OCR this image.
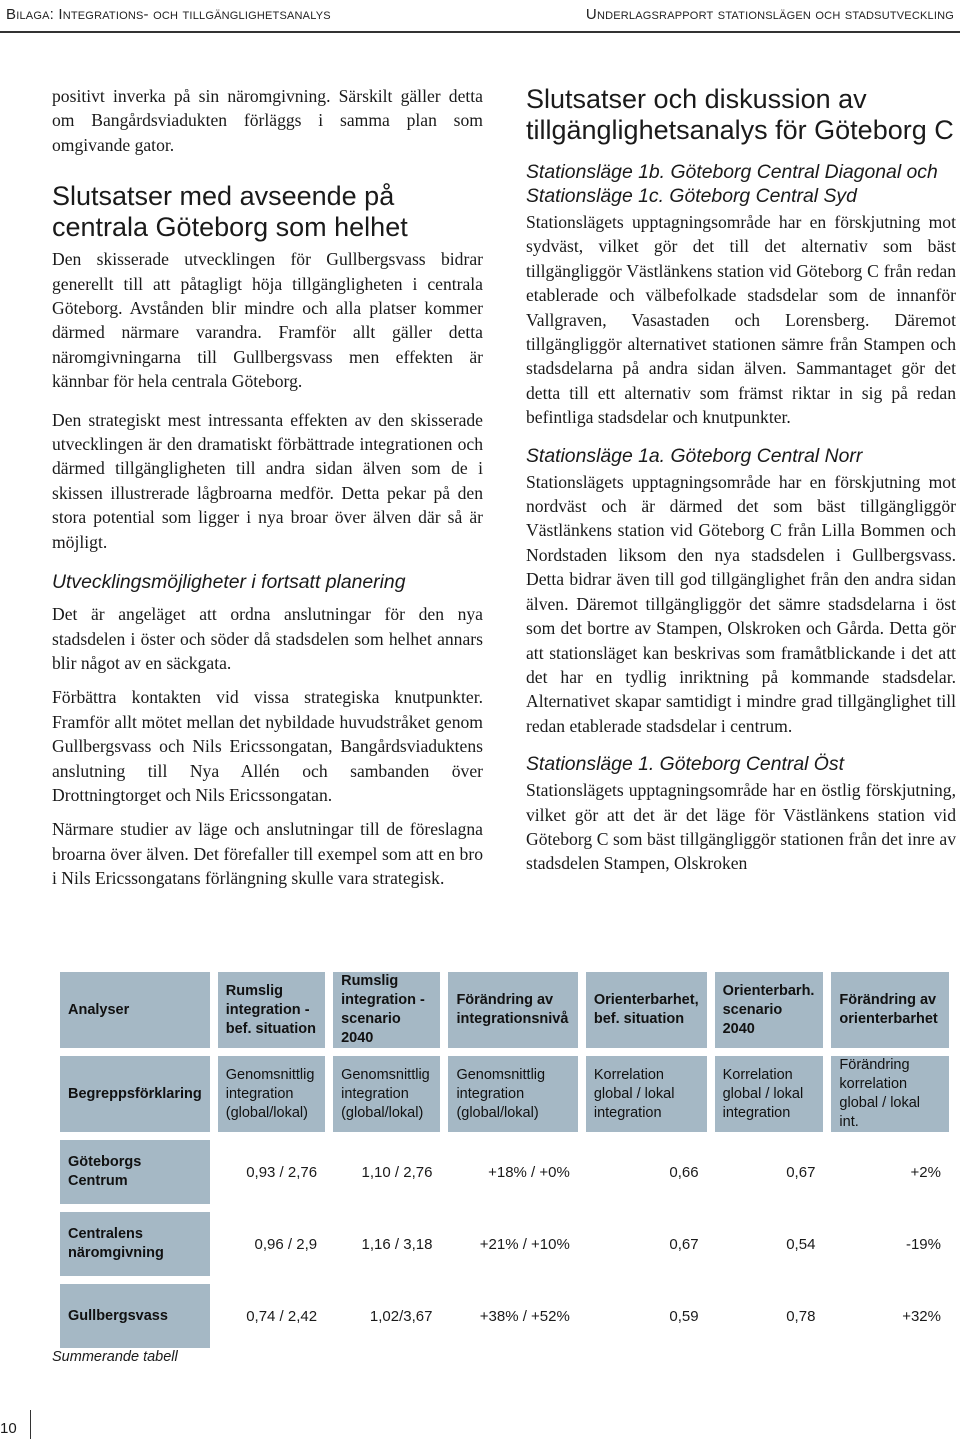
Bilaga: Integrations- och tillgänglighetsanalys	Underlagsrapport stationslägen och stadsutveckling

positivt inverka på sin näromgivning. Särskilt gäller detta om Bangårdsviadukten förläggs i samma plan som omgivande gator.

Slutsatser med avseende på centrala Göteborg som helhet

Den skisserade utvecklingen för Gullbergsvass bidrar generellt till att påtagligt höja tillgängligheten i centrala Göteborg. Avstånden blir mindre och alla platser kommer därmed närmare varandra. Framför allt gäller detta näromgivningarna till Gullbergsvass men effekten är kännbar för hela centrala Göteborg.

Den strategiskt mest intressanta effekten av den skisserade utvecklingen är den dramatiskt förbättrade integrationen och därmed tillgängligheten till andra sidan älven som de i skissen illustrerade lågbroarna medför. Detta pekar på den stora potential som ligger i nya broar över älven där så är möjligt.

Utvecklingsmöjligheter i fortsatt planering

Det är angeläget att ordna anslutningar för den nya stadsdelen i öster och söder då stadsdelen som helhet annars blir något av en säckgata.

Förbättra kontakten vid vissa strategiska knutpunkter. Framför allt mötet mellan det nybildade huvudstråket genom Gullbergsvass och Nils Ericssongatan, Bangårdsviaduktens anslutning till Nya Allén och sambanden över Drottningtorget och Nils Ericssongatan.

Närmare studier av läge och anslutningar till de föreslagna broarna över älven. Det förefaller till exempel som att en bro i Nils Ericssongatans förlängning skulle vara strategisk.

Slutsatser och diskussion av tillgänglighetsanalys för Göteborg C
Stationsläge 1b. Göteborg Central Diagonal och Stationsläge 1c. Göteborg Central Syd

Stationslägets upptagningsområde har en förskjutning mot sydväst, vilket gör det till det alternativ som bäst tillgängliggör Västlänkens station vid Göteborg C från redan etablerade och välbefolkade stadsdelar som de innanför Vallgraven, Vasastaden och Lorensberg. Däremot tillgängliggör alternativet stationen sämre från Stampen och stadsdelarna på andra sidan älven. Sammantaget gör det detta till ett alternativ som främst riktar in sig på redan befintliga stadsdelar och knutpunkter.

Stationsläge 1a. Göteborg Central Norr

Stationslägets upptagningsområde har en förskjutning mot nordväst och är därmed det som bäst tillgängliggör Västlänkens station vid Göteborg C från Lilla Bommen och Nordstaden liksom den nya stadsdelen i Gullbergsvass. Detta bidrar även till god tillgänglighet från den andra sidan älven. Däremot tillgängliggör det sämre stadsdelarna i öst som det bortre av Stampen, Olskroken och Gårda. Detta gör att stationsläget kan beskrivas som framåtblickande i det att det har en tydlig inriktning på kommande stadsdelar. Alternativet skapar samtidigt i mindre grad tillgänglighet till redan etablerade stadsdelar i centrum.

Stationsläge 1. Göteborg Central Öst

Stationslägets upptagningsområde har en östlig förskjutning, vilket gör att det är det läge för Västlänkens station vid Göteborg C som bäst tillgängliggör stationen från det inre av stadsdelen Stampen, Olskroken

Analyser	Rumslig integration - bef. situation	Rumslig integration - scenario 2040	Förändring av integrationsnivå	Orienterbarhet, bef. situation	Orienterbarh. scenario 2040	Förändring av orienterbarhet
Begreppsförklaring	Genomsnittlig integration (global/lokal)	Genomsnittlig integration (global/lokal)	Genomsnittlig integration (global/lokal)	Korrelation global / lokal integration	Korrelation global / lokal integration	Förändring korrelation global / lokal int.
Göteborgs Centrum	0,93 / 2,76	1,10 / 2,76	+18% / +0%	0,66	0,67	+2%
Centralens näromgivning	0,96 / 2,9	1,16 / 3,18	+21% / +10%	0,67	0,54	-19%
Gullbergsvass	0,74 / 2,42	1,02/3,67	+38% / +52%	0,59	0,78	+32%
Summerande tabell
10
